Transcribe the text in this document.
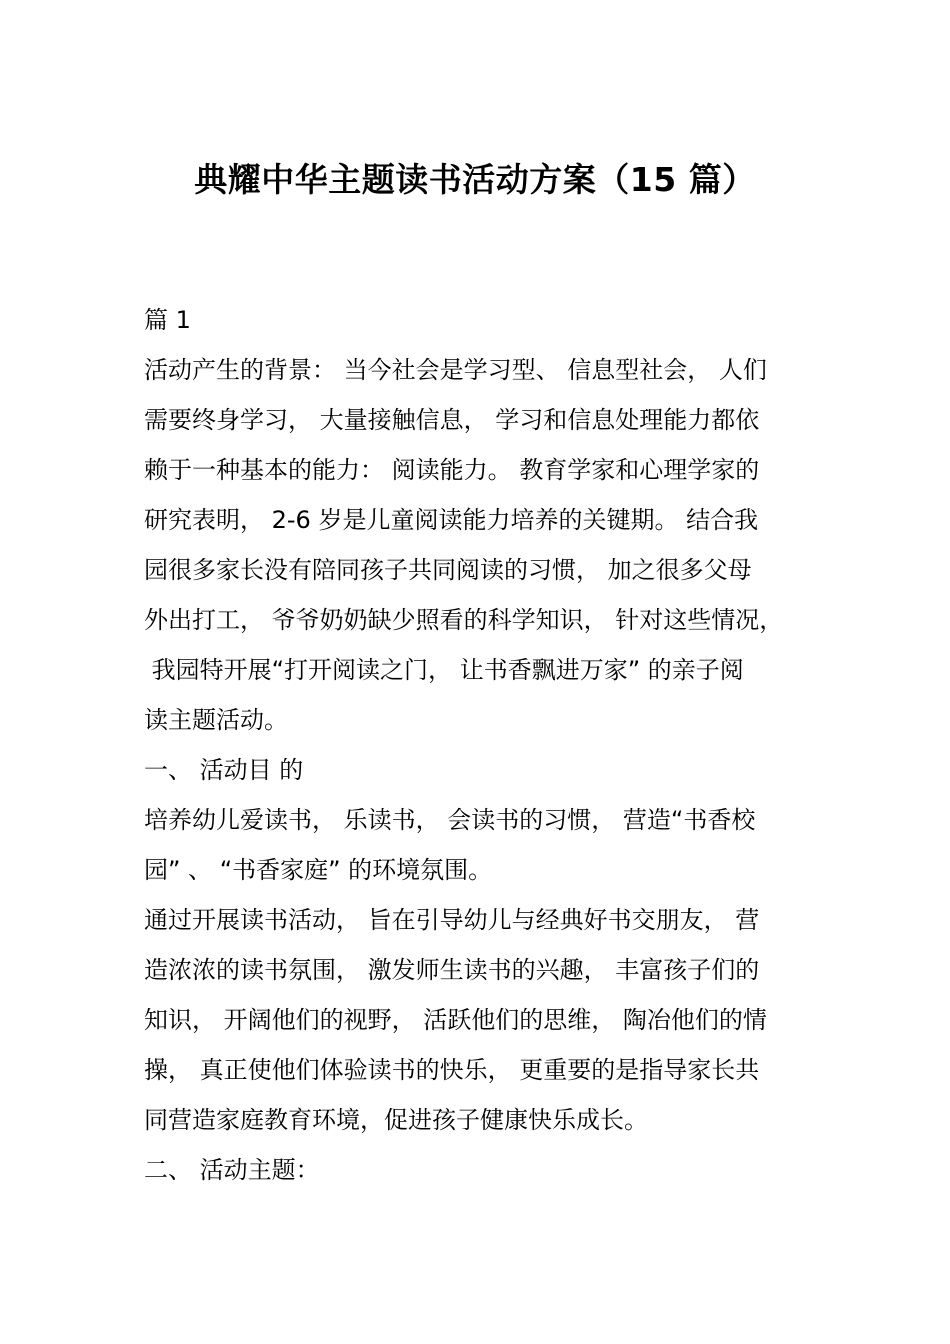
典耀中华主题读书活动方案（15 篇）
篇 1
活动产生的背景： 当今社会是学习型、 信息型社会， 人们
需要终身学习， 大量接触信息， 学习和信息处理能力都依
赖于一种基本的能力： 阅读能力。 教育学家和心理学家的
研究表明， 2-6 岁是儿童阅读能力培养的关键期。 结合我
园很多家长没有陪同孩子共同阅读的习惯， 加之很多父母
外出打工， 爷爷奶奶缺少照看的科学知识， 针对这些情况，
我园特开展“打开阅读之门， 让书香飘进万家” 的亲子阅
读主题活动。
一、 活动目 的
培养幼儿爱读书， 乐读书， 会读书的习惯， 营造“书香校
园” 、 “书香家庭” 的环境氛围。
通过开展读书活动， 旨在引导幼儿与经典好书交朋友， 营
造浓浓的读书氛围， 激发师生读书的兴趣， 丰富孩子们的
知识， 开阔他们的视野， 活跃他们的思维， 陶冶他们的情
操， 真正使他们体验读书的快乐， 更重要的是指导家长共
同营造家庭教育环境，促进孩子健康快乐成长。
二、 活动主题：
